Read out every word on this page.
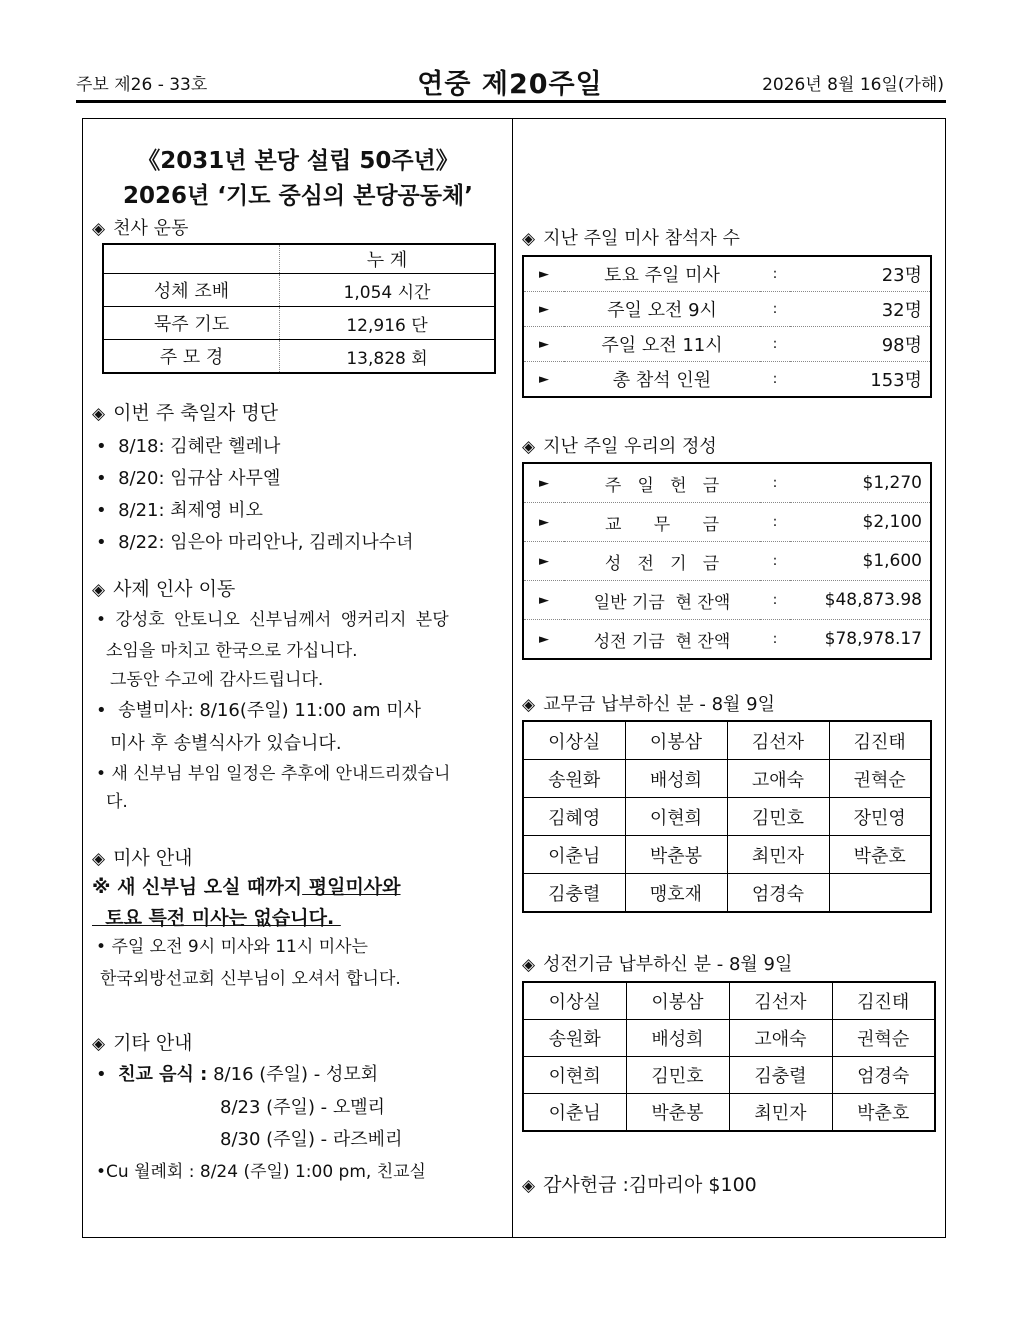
주보 제26 - 33호	연중 제20주일	2026년 8월 16일(가해)
《2031년 본당 설립 50주년》
2026년 ‘기도 중심의 본당공동체’
◈ 천사 운동
	누 계
성체 조배	1,054 시간
묵주 기도	12,916 단
주 모 경	13,828 회
◈ 이번 주 축일자 명단
• 8/18: 김혜란 헬레나
• 8/20: 임규삼 사무엘
• 8/21: 최제영 비오
• 8/22: 임은아 마리안나, 김레지나수녀
◈ 사제 인사 이동
• 강성호 안토니오 신부님께서 앵커리지 본당
소임을 마치고 한국으로 가십니다.
그동안 수고에 감사드립니다.
• 송별미사: 8/16(주일) 11:00 am 미사
미사 후 송별식사가 있습니다.
• 새 신부님 부임 일정은 추후에 안내드리겠습니
다.
◈ 미사 안내
※ 새 신부님 오실 때까지 평일미사와
토요 특전 미사는 없습니다.
• 주일 오전 9시 미사와 11시 미사는
한국외방선교회 신부님이 오셔서 합니다.
◈ 기타 안내
• 친교 음식 : 8/16 (주일) - 성모회
8/23 (주일) - 오멜리
8/30 (주일) - 라즈베리
•Cu 월례회 : 8/24 (주일) 1:00 pm, 친교실
◈ 지난 주일 미사 참석자 수
►	토요 주일 미사	:	23명
►	주일 오전 9시	:	32명
►	주일 오전 11시	:	98명
►	총 참석 인원	:	153명
◈ 지난 주일 우리의 정성
►	주   일   헌   금	:	$1,270
►	교      무      금	:	$2,100
►	성   전   기   금	:	$1,600
►	일반 기금  현 잔액	:	$48,873.98
►	성전 기금  현 잔액	:	$78,978.17
◈ 교무금 납부하신 분 - 8월 9일
이상실	이봉삼	김선자	김진태
송원화	배성희	고애숙	권혁순
김혜영	이현희	김민호	장민영
이춘님	박춘봉	최민자	박춘호
김충렬	맹호재	엄경숙	
◈ 성전기금 납부하신 분 - 8월 9일
이상실	이봉삼	김선자	김진태
송원화	배성희	고애숙	권혁순
이현희	김민호	김충렬	엄경숙
이춘님	박춘봉	최민자	박춘호
◈ 감사헌금 :김마리아 $100
